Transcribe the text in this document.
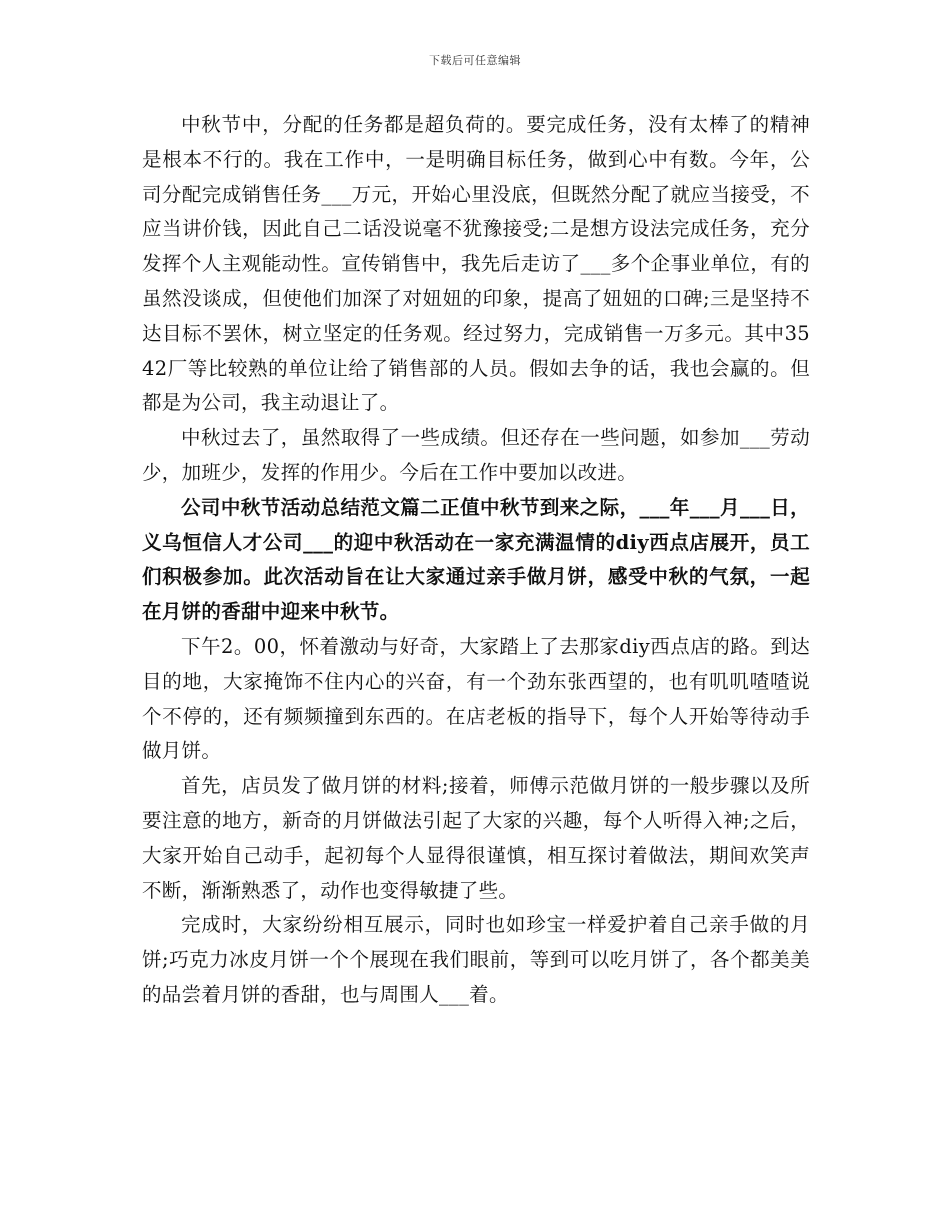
下载后可任意编辑

中秋节中，分配的任务都是超负荷的。要完成任务，没有太棒了的精神是根本不行的。我在工作中，一是明确目标任务，做到心中有数。今年，公司分配完成销售任务___万元，开始心里没底，但既然分配了就应当接受，不应当讲价钱，因此自己二话没说毫不犹豫接受;二是想方设法完成任务，充分发挥个人主观能动性。宣传销售中，我先后走访了___多个企事业单位，有的虽然没谈成，但使他们加深了对妞妞的印象，提高了妞妞的口碑;三是坚持不达目标不罢休，树立坚定的任务观。经过努力，完成销售一万多元。其中3542厂等比较熟的单位让给了销售部的人员。假如去争的话，我也会赢的。但都是为公司，我主动退让了。

中秋过去了，虽然取得了一些成绩。但还存在一些问题，如参加___劳动少，加班少，发挥的作用少。今后在工作中要加以改进。

公司中秋节活动总结范文篇二正值中秋节到来之际，___年___月___日，义乌恒信人才公司___的迎中秋活动在一家充满温情的diy西点店展开，员工们积极参加。此次活动旨在让大家通过亲手做月饼，感受中秋的气氛，一起在月饼的香甜中迎来中秋节。

下午2。00，怀着激动与好奇，大家踏上了去那家diy西点店的路。到达目的地，大家掩饰不住内心的兴奋，有一个劲东张西望的，也有叽叽喳喳说个不停的，还有频频撞到东西的。在店老板的指导下，每个人开始等待动手做月饼。

首先，店员发了做月饼的材料;接着，师傅示范做月饼的一般步骤以及所要注意的地方，新奇的月饼做法引起了大家的兴趣，每个人听得入神;之后，大家开始自己动手，起初每个人显得很谨慎，相互探讨着做法，期间欢笑声不断，渐渐熟悉了，动作也变得敏捷了些。

完成时，大家纷纷相互展示，同时也如珍宝一样爱护着自己亲手做的月饼;巧克力冰皮月饼一个个展现在我们眼前，等到可以吃月饼了，各个都美美的品尝着月饼的香甜，也与周围人___着。
